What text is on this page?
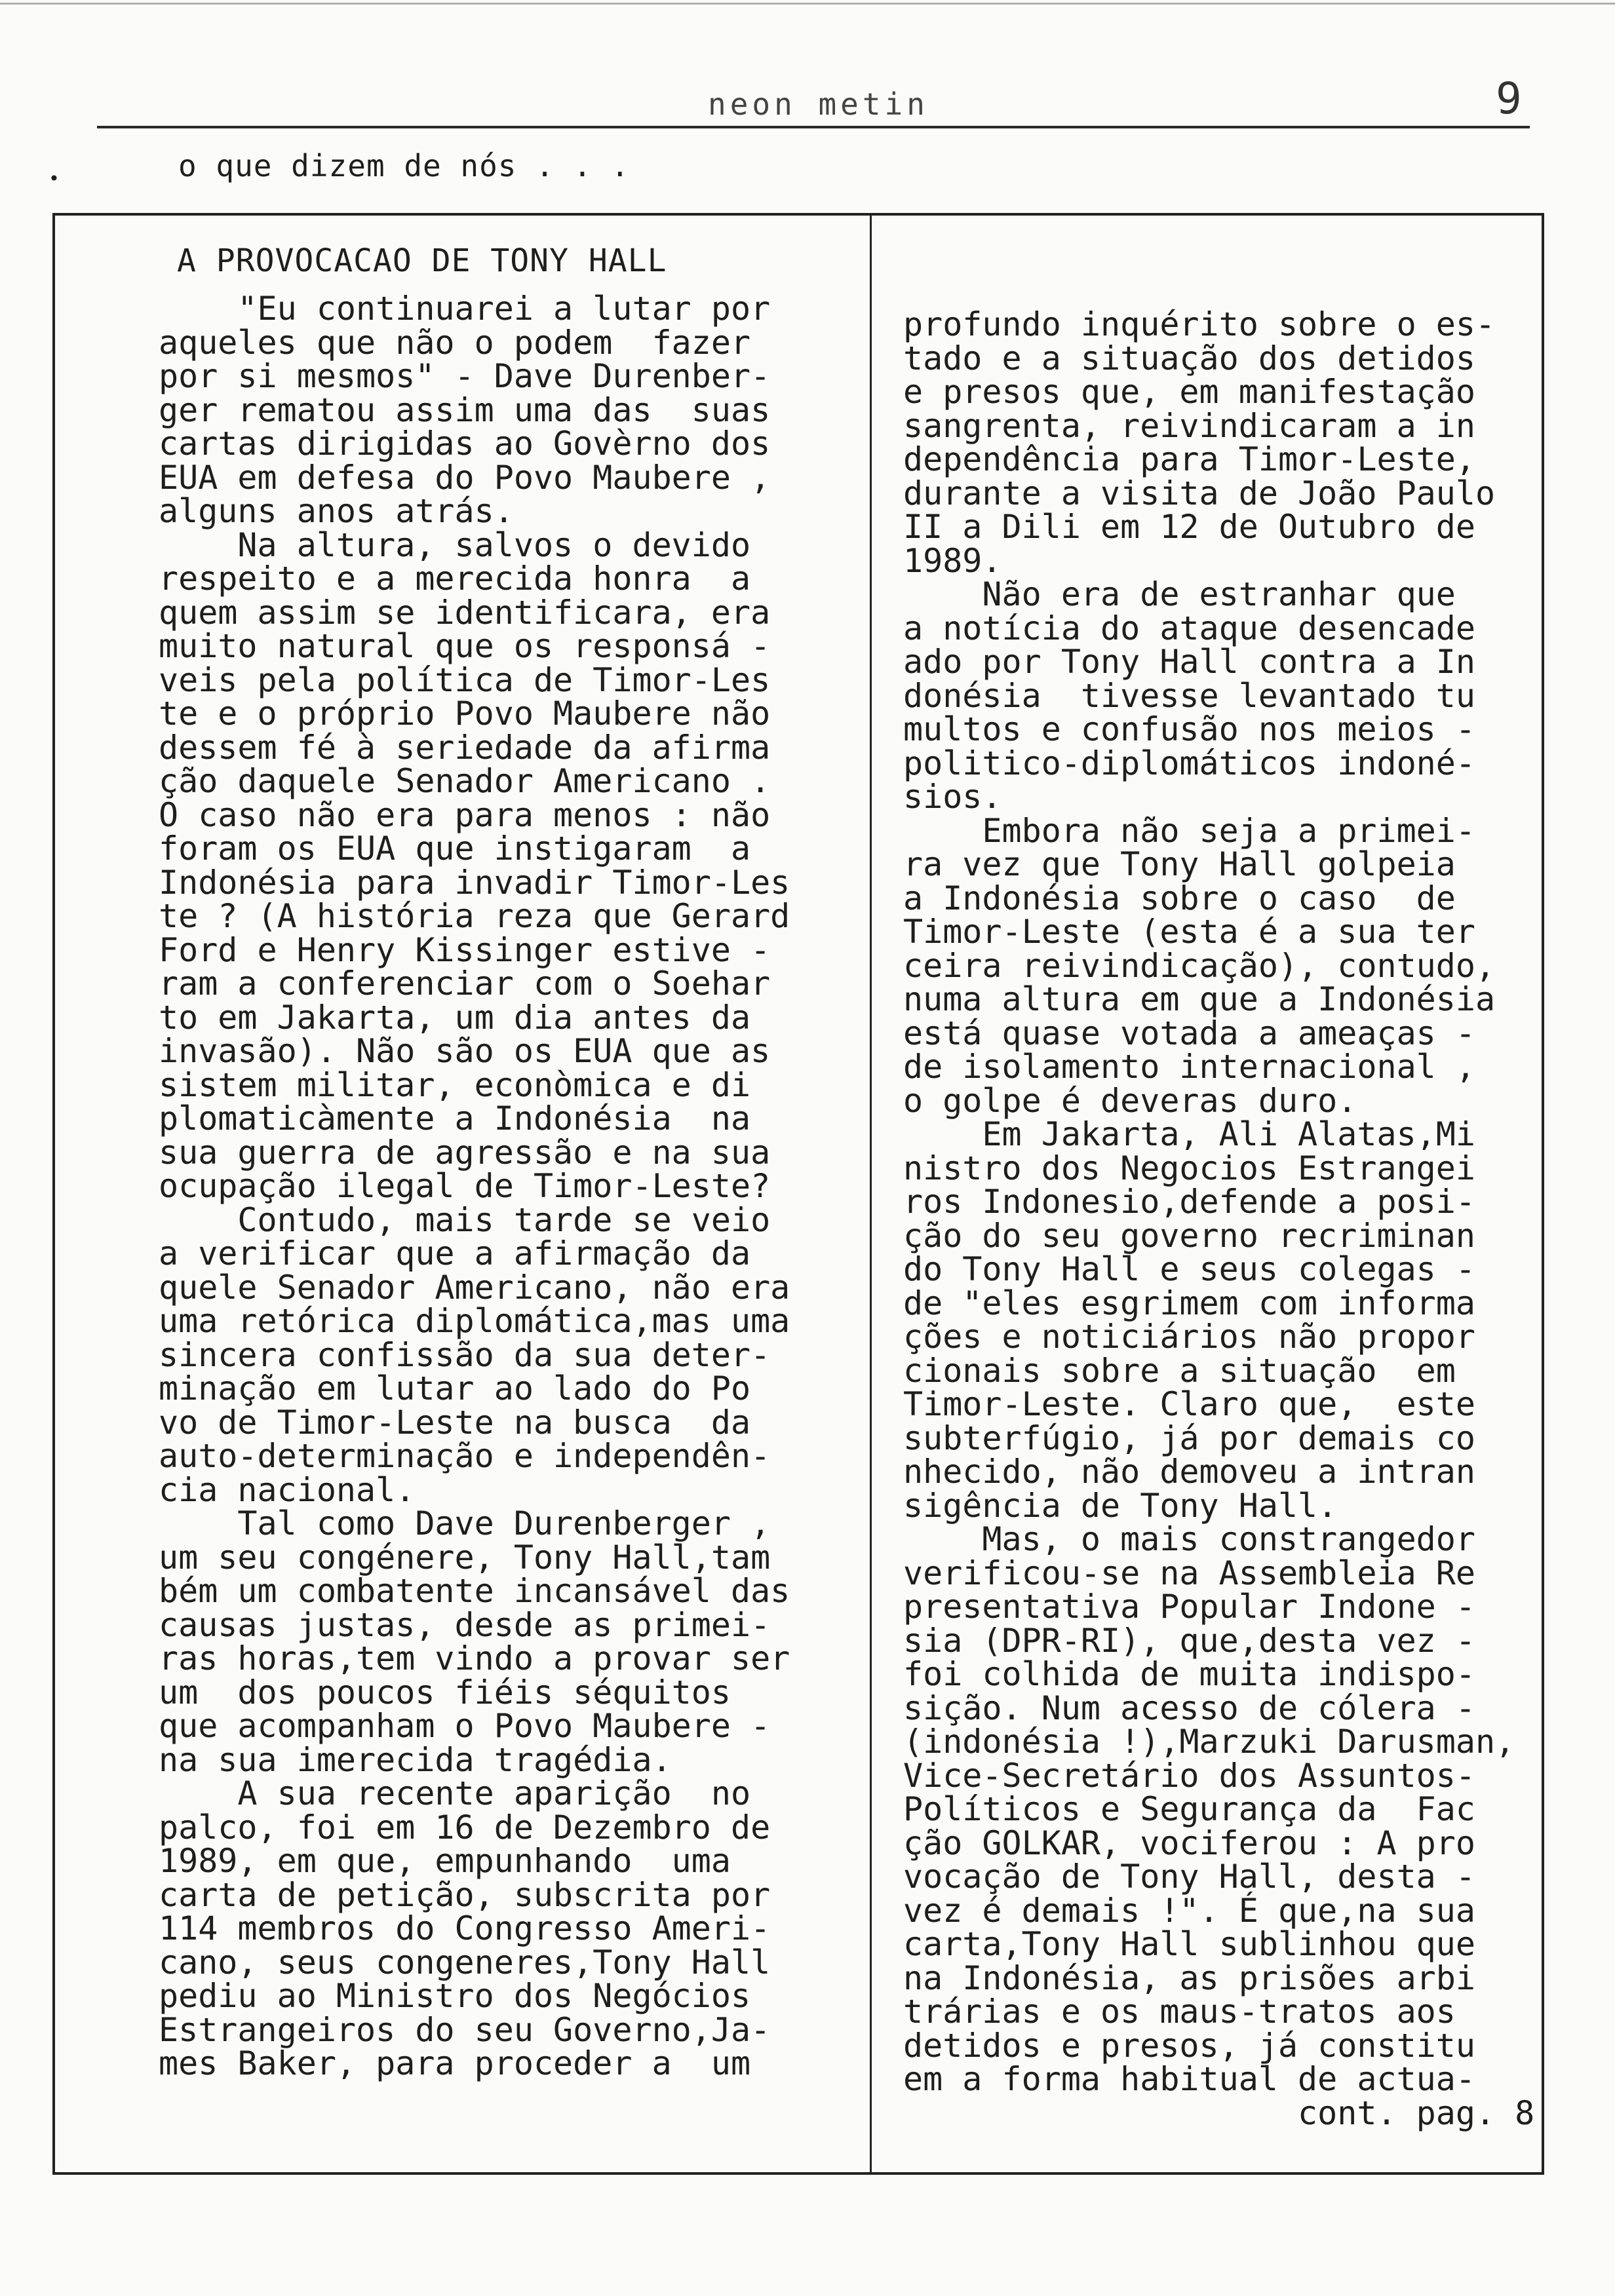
neon metin	9
•	o que dizem de nós . . .
A PROVOCACAO DE TONY HALL
"Eu continuarei a lutar por
aqueles que não o podem  fazer
por si mesmos" - Dave Durenber-
ger rematou assim uma das  suas
cartas dirigidas ao Govèrno dos
EUA em defesa do Povo Maubere ,
alguns anos atrás.
Na altura, salvos o devido
respeito e a merecida honra  a
quem assim se identificara, era
muito natural que os responsá -
veis pela política de Timor-Les
te e o próprio Povo Maubere não
dessem fé à seriedade da afirma
ção daquele Senador Americano .
O caso não era para menos : não
foram os EUA que instigaram  a
Indonésia para invadir Timor-Les
te ? (A história reza que Gerard
Ford e Henry Kissinger estive -
ram a conferenciar com o Soehar
to em Jakarta, um dia antes da
invasão). Não são os EUA que as
sistem militar, econòmica e di
plomaticàmente a Indonésia  na
sua guerra de agressão e na sua
ocupação ilegal de Timor-Leste?
Contudo, mais tarde se veio
a verificar que a afirmação da
quele Senador Americano, não era
uma retórica diplomática,mas uma
sincera confissão da sua deter-
minação em lutar ao lado do Po
vo de Timor-Leste na busca  da
auto-determinação e independên-
cia nacional.
Tal como Dave Durenberger ,
um seu congénere, Tony Hall,tam
bém um combatente incansável das
causas justas, desde as primei-
ras horas,tem vindo a provar ser
um  dos poucos fiéis séquitos
que acompanham o Povo Maubere -
na sua imerecida tragédia.
A sua recente aparição  no
palco, foi em 16 de Dezembro de
1989, em que, empunhando  uma
carta de petição, subscrita por
114 membros do Congresso Ameri-
cano, seus congeneres,Tony Hall
pediu ao Ministro dos Negócios
Estrangeiros do seu Governo,Ja-
mes Baker, para proceder a  um
profundo inquérito sobre o es-
tado e a situação dos detidos
e presos que, em manifestação
sangrenta, reivindicaram a in
dependência para Timor-Leste,
durante a visita de João Paulo
II a Dili em 12 de Outubro de
1989.
Não era de estranhar que
a notícia do ataque desencade
ado por Tony Hall contra a In
donésia  tivesse levantado tu
multos e confusão nos meios -
politico-diplomáticos indoné-
sios.
Embora não seja a primei-
ra vez que Tony Hall golpeia
a Indonésia sobre o caso  de
Timor-Leste (esta é a sua ter
ceira reivindicação), contudo,
numa altura em que a Indonésia
está quase votada a ameaças -
de isolamento internacional ,
o golpe é deveras duro.
Em Jakarta, Ali Alatas,Mi
nistro dos Negocios Estrangei
ros Indonesio,defende a posi-
ção do seu governo recriminan
do Tony Hall e seus colegas -
de "eles esgrimem com informa
ções e noticiários não propor
cionais sobre a situação  em
Timor-Leste. Claro que,  este
subterfúgio, já por demais co
nhecido, não demoveu a intran
sigência de Tony Hall.
Mas, o mais constrangedor
verificou-se na Assembleia Re
presentativa Popular Indone -
sia (DPR-RI), que,desta vez -
foi colhida de muita indispo-
sição. Num acesso de cólera -
(indonésia !),Marzuki Darusman,
Vice-Secretário dos Assuntos-
Políticos e Segurança da  Fac
ção GOLKAR, vociferou : A pro
vocação de Tony Hall, desta -
vez é demais !". É que,na sua
carta,Tony Hall sublinhou que
na Indonésia, as prisões arbi
trárias e os maus-tratos aos
detidos e presos, já constitu
em a forma habitual de actua-
cont. pag. 8
